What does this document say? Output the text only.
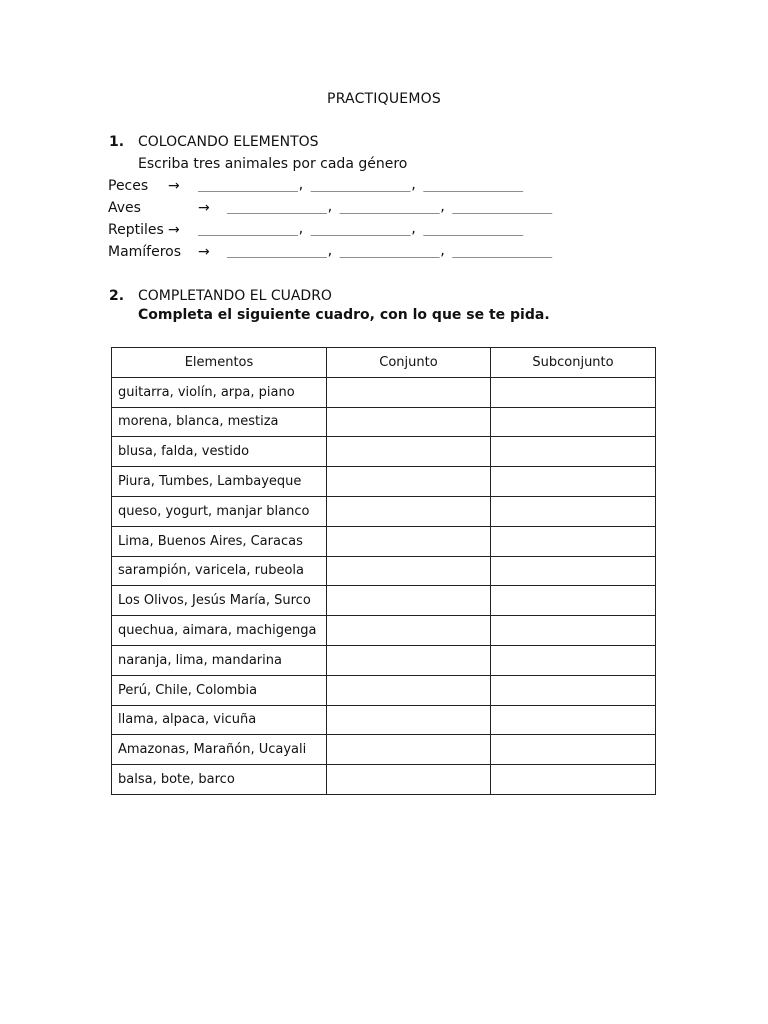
PRACTIQUEMOS
1. COLOCANDO ELEMENTOS
Escriba tres animales por cada género
Peces → _______________, _______________, _______________
Aves	→ _______________, _______________, _______________
Reptiles → _______________, _______________, _______________
Mamíferos → _______________, _______________, _______________
2. COMPLETANDO EL CUADRO
Completa el siguiente cuadro, con lo que se te pida.
Elementos	Conjunto	Subconjunto
guitarra, violín, arpa, piano		
morena, blanca, mestiza		
blusa, falda, vestido		
Piura, Tumbes, Lambayeque		
queso, yogurt, manjar blanco		
Lima, Buenos Aires, Caracas		
sarampión, varicela, rubeola		
Los Olivos, Jesús María, Surco		
quechua, aimara, machigenga		
naranja, lima, mandarina		
Perú, Chile, Colombia		
llama, alpaca, vicuña		
Amazonas, Marañón, Ucayali		
balsa, bote, barco		
